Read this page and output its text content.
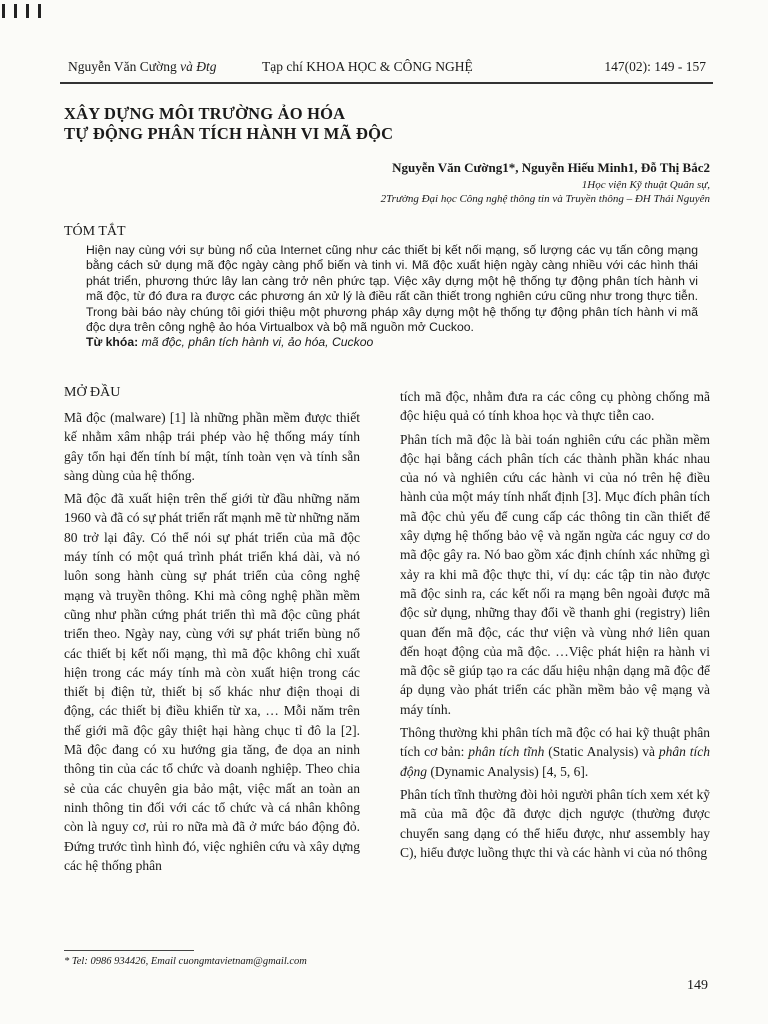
Nguyễn Văn Cường và Đtg	Tạp chí KHOA HỌC & CÔNG NGHỆ	147(02): 149 - 157
XÂY DỰNG MÔI TRƯỜNG ẢO HÓA
TỰ ĐỘNG PHÂN TÍCH HÀNH VI MÃ ĐỘC
Nguyễn Văn Cường1*, Nguyễn Hiếu Minh1, Đỗ Thị Bắc2
1Học viện Kỹ thuật Quân sự,
2Trường Đại học Công nghệ thông tin và Truyền thông – ĐH Thái Nguyên
TÓM TẮT
Hiện nay cùng với sự bùng nổ của Internet cũng như các thiết bị kết nối mạng, số lượng các vụ tấn công mạng bằng cách sử dụng mã độc ngày càng phổ biến và tinh vi. Mã độc xuất hiện ngày càng nhiều với các hình thái phát triển, phương thức lây lan càng trở nên phức tạp. Việc xây dựng một hệ thống tự động phân tích hành vi mã độc, từ đó đưa ra được các phương án xử lý là điều rất cần thiết trong nghiên cứu cũng như trong thực tiễn. Trong bài báo này chúng tôi giới thiệu một phương pháp xây dựng một hệ thống tự động phân tích hành vi mã độc dựa trên công nghệ ảo hóa Virtualbox và bộ mã nguồn mở Cuckoo.
Từ khóa: mã độc, phân tích hành vi, ảo hóa, Cuckoo
MỞ ĐẦU

Mã độc (malware) [1] là những phần mềm được thiết kế nhằm xâm nhập trái phép vào hệ thống máy tính gây tổn hại đến tính bí mật, tính toàn vẹn và tính sẵn sàng dùng của hệ thống.

Mã độc đã xuất hiện trên thế giới từ đầu những năm 1960 và đã có sự phát triển rất mạnh mẽ từ những năm 80 trở lại đây. Có thể nói sự phát triển của mã độc máy tính có một quá trình phát triển khá dài, và nó luôn song hành cùng sự phát triển của công nghệ mạng và truyền thông. Khi mà công nghệ phần mềm cũng như phần cứng phát triển thì mã độc cũng phát triển theo. Ngày nay, cùng với sự phát triển bùng nổ các thiết bị kết nối mạng, thì mã độc không chỉ xuất hiện trong các máy tính mà còn xuất hiện trong các thiết bị điện tử, thiết bị số khác như điện thoại di động, các thiết bị điều khiển từ xa, … Mỗi năm trên thế giới mã độc gây thiệt hại hàng chục tỉ đô la [2]. Mã độc đang có xu hướng gia tăng, đe dọa an ninh thông tin của các tổ chức và doanh nghiệp. Theo chia sẻ của các chuyên gia bảo mật, việc mất an toàn an ninh thông tin đối với các tổ chức và cá nhân không còn là nguy cơ, rủi ro nữa mà đã ở mức báo động đỏ. Đứng trước tình hình đó, việc nghiên cứu và xây dựng các hệ thống phân

tích mã độc, nhằm đưa ra các công cụ phòng chống mã độc hiệu quả có tính khoa học và thực tiễn cao.

Phân tích mã độc là bài toán nghiên cứu các phần mềm độc hại bằng cách phân tích các thành phần khác nhau của nó và nghiên cứu các hành vi của nó trên hệ điều hành của một máy tính nhất định [3]. Mục đích phân tích mã độc chủ yếu để cung cấp các thông tin cần thiết để xây dựng hệ thống bảo vệ và ngăn ngừa các nguy cơ do mã độc gây ra. Nó bao gồm xác định chính xác những gì xảy ra khi mã độc thực thi, ví dụ: các tập tin nào được mã độc sinh ra, các kết nối ra mạng bên ngoài được mã độc sử dụng, những thay đổi về thanh ghi (registry) liên quan đến mã độc, các thư viện và vùng nhớ liên quan đến hoạt động của mã độc. …Việc phát hiện ra hành vi mã độc sẽ giúp tạo ra các dấu hiệu nhận dạng mã độc để áp dụng vào phát triển các phần mềm bảo vệ mạng và máy tính.

Thông thường khi phân tích mã độc có hai kỹ thuật phân tích cơ bản: phân tích tĩnh (Static Analysis) và phân tích động (Dynamic Analysis) [4, 5, 6].

Phân tích tĩnh thường đòi hỏi người phân tích xem xét kỹ mã của mã độc đã được dịch ngược (thường được chuyển sang dạng có thể hiểu được, như assembly hay C), hiểu được luồng thực thi và các hành vi của nó thông

* Tel: 0986 934426, Email cuongmtavietnam@gmail.com
149
